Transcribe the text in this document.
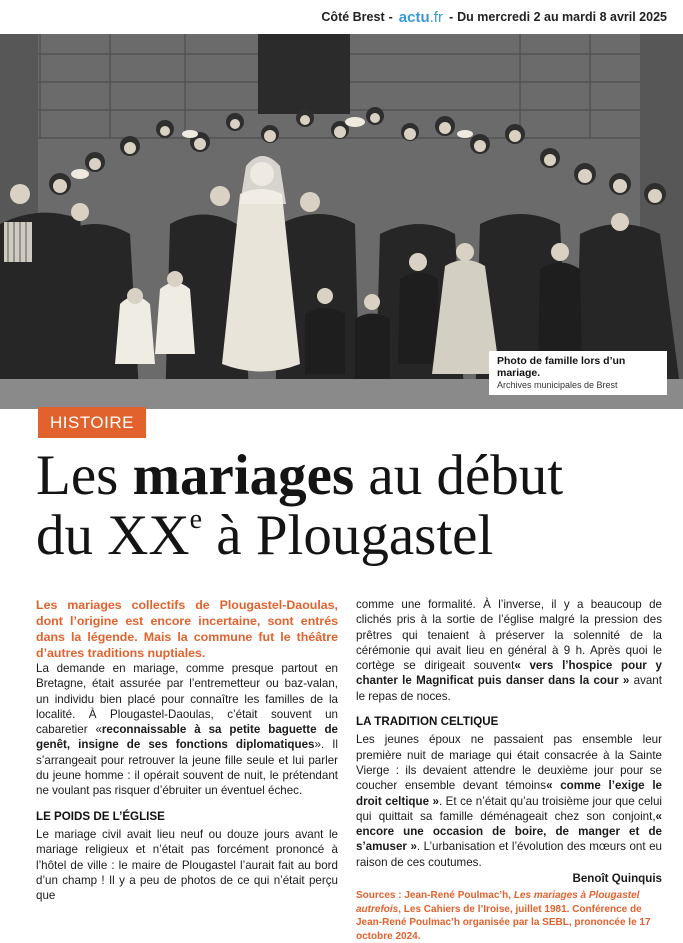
Côté Brest - actu.fr - Du mercredi 2 au mardi 8 avril 2025
Photo de famille lors d’un mariage.
Archives municipales de Brest
HISTOIRE
Les mariages au début
du XXe à Plougastel

Les mariages collectifs de Plougastel-Daoulas, dont l’origine est encore incertaine, sont entrés dans la légende. Mais la commune fut le théâtre d’autres traditions nuptiales.

La demande en mariage, comme presque partout en Bretagne, était assurée par l’entremetteur ou baz-valan, un individu bien placé pour connaître les familles de la localité. À Plougastel-Daoulas, c’était souvent un cabaretier «reconnaissable à sa petite baguette de genêt, insigne de ses fonctions diplomatiques». Il s’arrangeait pour retrouver la jeune fille seule et lui parler du jeune homme : il opérait souvent de nuit, le prétendant ne voulant pas risquer d’ébruiter un éventuel échec.

LE POIDS DE L’ÉGLISE

Le mariage civil avait lieu neuf ou douze jours avant le mariage religieux et n’était pas forcément prononcé à l’hôtel de ville : le maire de Plougastel l’aurait fait au bord d’un champ ! Il y a peu de photos de ce qui n’était perçu que

comme une formalité. À l’inverse, il y a beaucoup de clichés pris à la sortie de l’église malgré la pression des prêtres qui tenaient à préserver la solennité de la cérémonie qui avait lieu en général à 9 h. Après quoi le cortège se dirigeait souvent« vers l’hospice pour y chanter le Magnificat puis danser dans la cour » avant le repas de noces.

LA TRADITION CELTIQUE

Les jeunes époux ne passaient pas ensemble leur première nuit de mariage qui était consacrée à la Sainte Vierge : ils devaient attendre le deuxième jour pour se coucher ensemble devant témoins« comme l’exige le droit celtique ». Et ce n’était qu’au troisième jour que celui qui quittait sa famille déménageait chez son conjoint,« encore une occasion de boire, de manger et de s’amuser ». L’urbanisation et l’évolution des mœurs ont eu raison de ces coutumes.

Benoît Quinquis

Sources : Jean-René Poulmac’h, Les mariages à Plougastel autrefois, Les Cahiers de l’Iroise, juillet 1981. Conférence de Jean-René Poulmac’h organisée par la SEBL, prononcée le 17 octobre 2024.
